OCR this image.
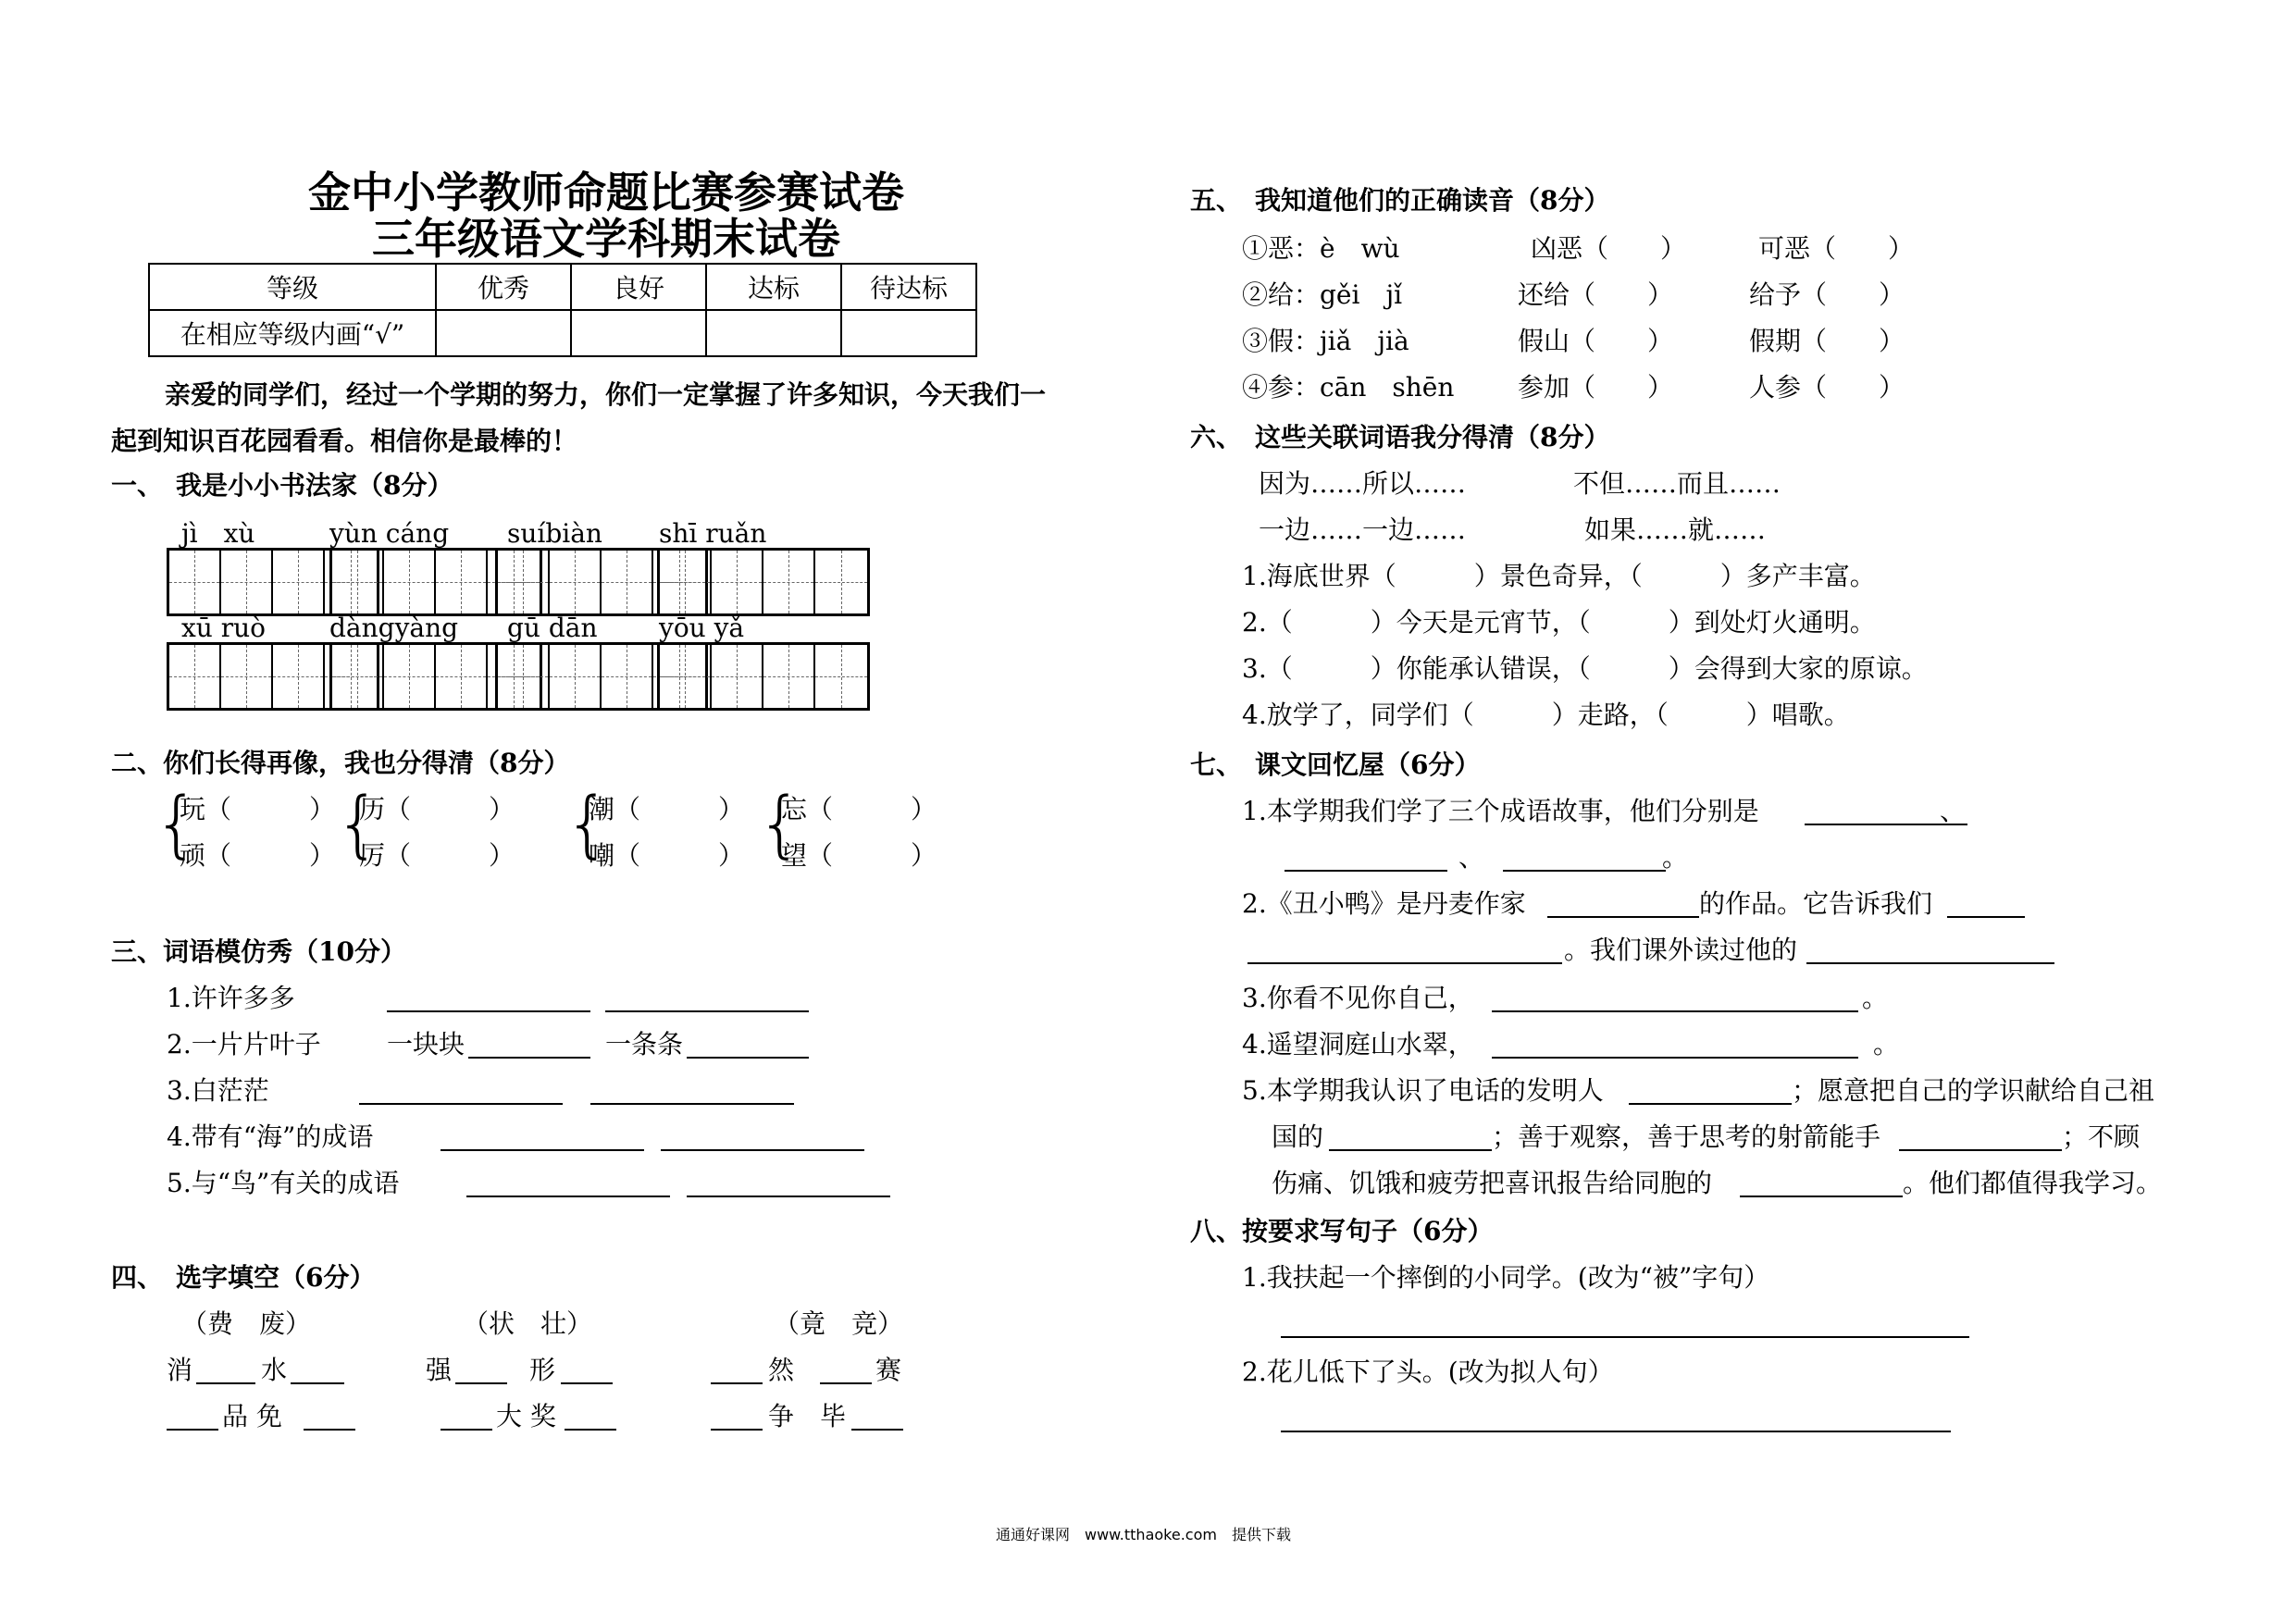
金中小学教师命题比赛参赛试卷
三年级语文学科期末试卷
等级	优秀	良好	达标	待达标
在相应等级内画“√”				
亲爱的同学们，经过一个学期的努力，你们一定掌握了许多知识，今天我们一
起到知识百花园看看。相信你是最棒的！
一、　我是小小书法家（8分）
jì　xù	yùn cáng suíbiàn shī ruǎn
xū ruò dàngyàng gū dān yōu yǎ
二、你们长得再像，我也分得清（8分）
{
玩（　　　）
顽（　　　） {
历（　　　）
厉（　　　） {
潮（　　　）
嘲（　　　） {
忘（　　　）
望（　　　）
三、词语模仿秀（10分）
1.许许多多
2.一片片叶子	一块块	一条条
3.白茫茫
4.带有“海”的成语
5.与“鸟”有关的成语
四、　选字填空（6分）
（费　废）	（状　壮）	（竟　竞）
消	水	强	形	然	赛
品 免	大 奖	争　毕
五、　我知道他们的正确读音（8分）
①恶：è　wù	凶恶（　　）	可恶（　　）
②给：gěi　jǐ	还给（　　）	给予（　　）
③假：jiǎ　jià	假山（　　）	假期（　　）
④参：cān　shēn 参加（　　）	人参（　　）
六、　这些关联词语我分得清（8分）
因为……所以……	不但……而且……
一边……一边……	如果……就……
1.海底世界（　　　）景色奇异，（　　　）多产丰富。
2.（　　　）今天是元宵节，（　　　）到处灯火通明。
3.（　　　）你能承认错误，（　　　）会得到大家的原谅。
4.放学了，同学们（　　　）走路，（　　　）唱歌。
七、　课文回忆屋（6分）
1.本学期我们学了三个成语故事，他们分别是	、
、	。
2.《丑小鸭》是丹麦作家	的作品。它告诉我们
。我们课外读过他的
3.你看不见你自己，	。
4.遥望洞庭山水翠，	。
5.本学期我认识了电话的发明人	；愿意把自己的学识献给自己祖
国的	；善于观察，善于思考的射箭能手	；不顾
伤痛、饥饿和疲劳把喜讯报告给同胞的	。他们都值得我学习。
八、按要求写句子（6分）
1.我扶起一个摔倒的小同学。(改为“被”字句）
2.花儿低下了头。(改为拟人句）
通通好课网　www.tthaoke.com　提供下载
